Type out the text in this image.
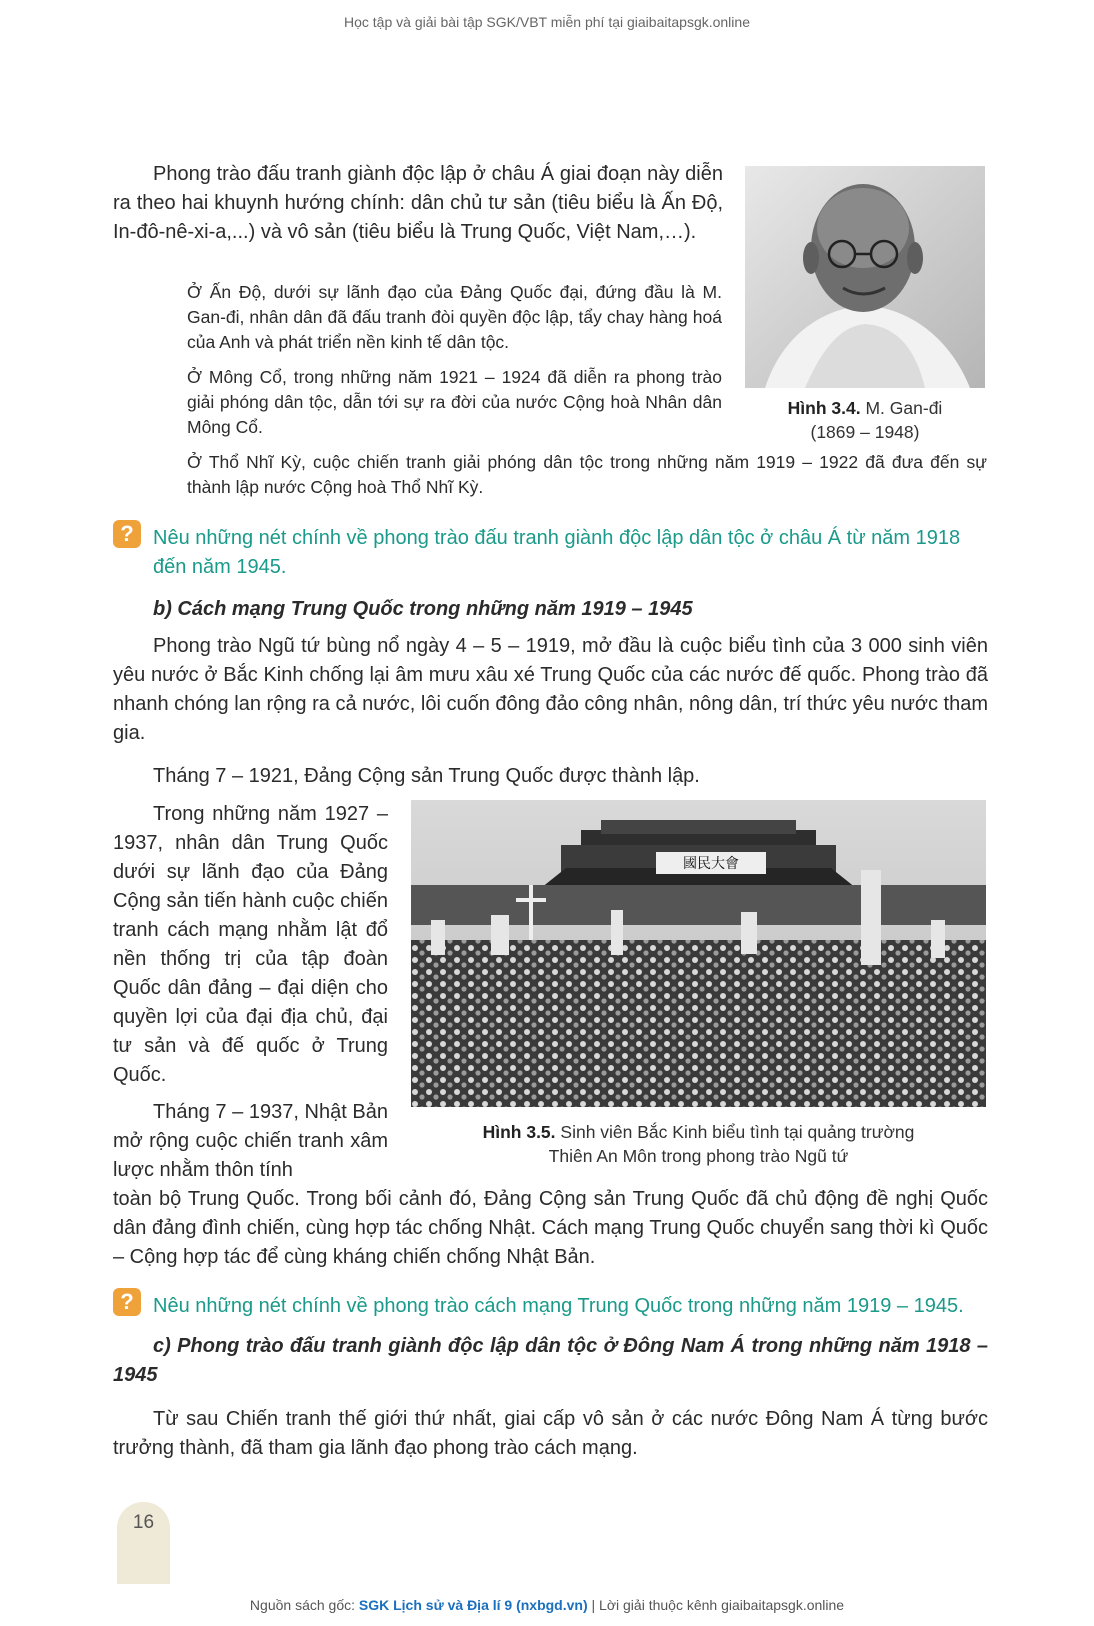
Học tập và giải bài tập SGK/VBT miễn phí tại giaibaitapsgk.online

Phong trào đấu tranh giành độc lập ở châu Á giai đoạn này diễn ra theo hai khuynh hướng chính: dân chủ tư sản (tiêu biểu là Ấn Độ, In-đô-nê-xi-a,...) và vô sản (tiêu biểu là Trung Quốc, Việt Nam,…).

Ở Ấn Độ, dưới sự lãnh đạo của Đảng Quốc đại, đứng đầu là M. Gan-đi, nhân dân đã đấu tranh đòi quyền độc lập, tẩy chay hàng hoá của Anh và phát triển nền kinh tế dân tộc.

Ở Mông Cổ, trong những năm 1921 – 1924 đã diễn ra phong trào giải phóng dân tộc, dẫn tới sự ra đời của nước Cộng hoà Nhân dân Mông Cổ.

Hình 3.4. M. Gan-đi
(1869 – 1948)

Ở Thổ Nhĩ Kỳ, cuộc chiến tranh giải phóng dân tộc trong những năm 1919 – 1922 đã đưa đến sự thành lập nước Cộng hoà Thổ Nhĩ Kỳ.

? Nêu những nét chính về phong trào đấu tranh giành độc lập dân tộc ở châu Á từ năm 1918 đến năm 1945.
b) Cách mạng Trung Quốc trong những năm 1919 – 1945

Phong trào Ngũ tứ bùng nổ ngày 4 – 5 – 1919, mở đầu là cuộc biểu tình của 3 000 sinh viên yêu nước ở Bắc Kinh chống lại âm mưu xâu xé Trung Quốc của các nước đế quốc. Phong trào đã nhanh chóng lan rộng ra cả nước, lôi cuốn đông đảo công nhân, nông dân, trí thức yêu nước tham gia.

Tháng 7 – 1921, Đảng Cộng sản Trung Quốc được thành lập.

Trong những năm 1927 – 1937, nhân dân Trung Quốc dưới sự lãnh đạo của Đảng Cộng sản tiến hành cuộc chiến tranh cách mạng nhằm lật đổ nền thống trị của tập đoàn Quốc dân đảng – đại diện cho quyền lợi của đại địa chủ, đại tư sản và đế quốc ở Trung Quốc.

Tháng 7 – 1937, Nhật Bản mở rộng cuộc chiến tranh xâm lược nhằm thôn tính

國民大會
Hình 3.5. Sinh viên Bắc Kinh biểu tình tại quảng trường
Thiên An Môn trong phong trào Ngũ tứ

toàn bộ Trung Quốc. Trong bối cảnh đó, Đảng Cộng sản Trung Quốc đã chủ động đề nghị Quốc dân đảng đình chiến, cùng hợp tác chống Nhật. Cách mạng Trung Quốc chuyển sang thời kì Quốc – Cộng hợp tác để cùng kháng chiến chống Nhật Bản.

? Nêu những nét chính về phong trào cách mạng Trung Quốc trong những năm 1919 – 1945.
c) Phong trào đấu tranh giành độc lập dân tộc ở Đông Nam Á trong những năm 1918 – 1945

Từ sau Chiến tranh thế giới thứ nhất, giai cấp vô sản ở các nước Đông Nam Á từng bước trưởng thành, đã tham gia lãnh đạo phong trào cách mạng.

16
Nguồn sách gốc: SGK Lịch sử và Địa lí 9 (nxbgd.vn) | Lời giải thuộc kênh giaibaitapsgk.online
